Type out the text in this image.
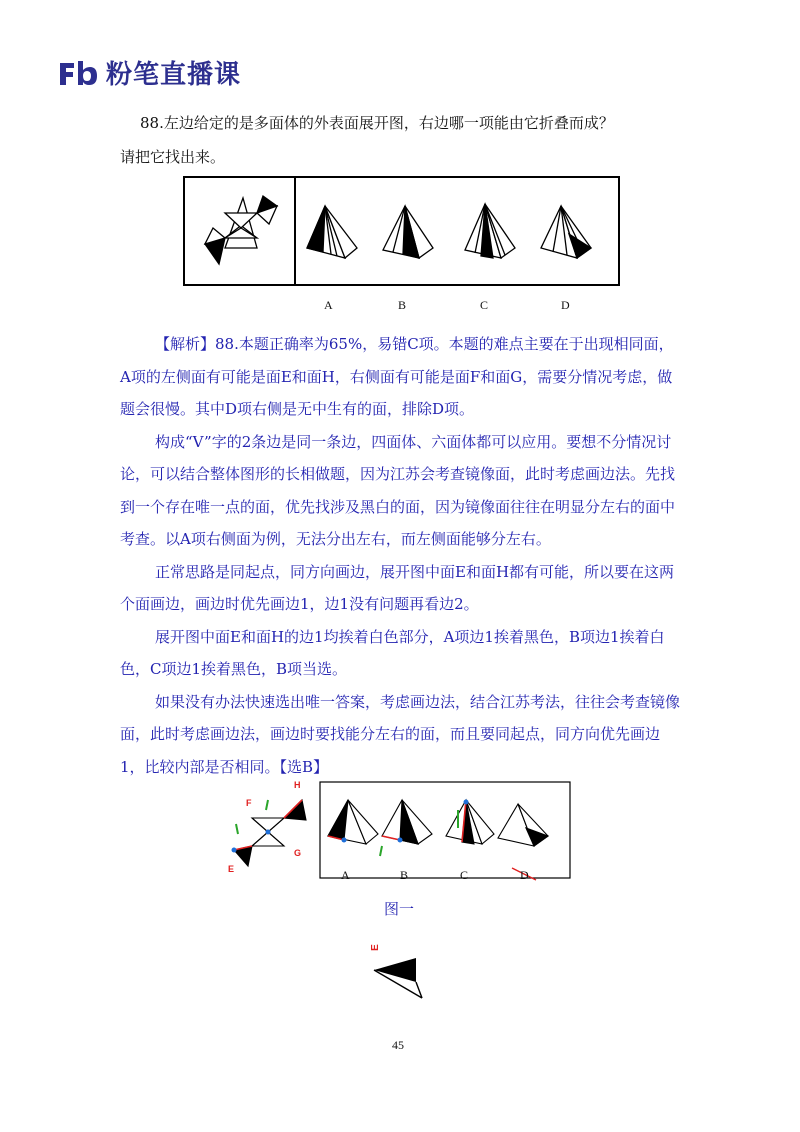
粉笔直播课

88.左边给定的是多面体的外表面展开图，右边哪一项能由它折叠而成？

请把它找出来。

A	B	C	D

【解析】88.本题正确率为65%，易错C项。本题的难点主要在于出现相同面，A项的左侧面有可能是面E和面H，右侧面有可能是面F和面G，需要分情况考虑，做题会很慢。其中D项右侧是无中生有的面，排除D项。

构成“V”字的2条边是同一条边，四面体、六面体都可以应用。要想不分情况讨论，可以结合整体图形的长相做题，因为江苏会考查镜像面，此时考虑画边法。先找到一个存在唯一点的面，优先找涉及黑白的面，因为镜像面往往在明显分左右的面中考查。以A项右侧面为例，无法分出左右，而左侧面能够分左右。

正常思路是同起点，同方向画边，展开图中面E和面H都有可能，所以要在这两个面画边，画边时优先画边1，边1没有问题再看边2。

展开图中面E和面H的边1均挨着白色部分，A项边1挨着黑色，B项边1挨着白色，C项边1挨着黑色，B项当选。

如果没有办法快速选出唯一答案，考虑画边法，结合江苏考法，往往会考查镜像面，此时考虑画边法，画边时要找能分左右的面，而且要同起点，同方向优先画边1，比较内部是否相同。【选B】

H
F
G
E	A	B	C	D
图一
E
45
